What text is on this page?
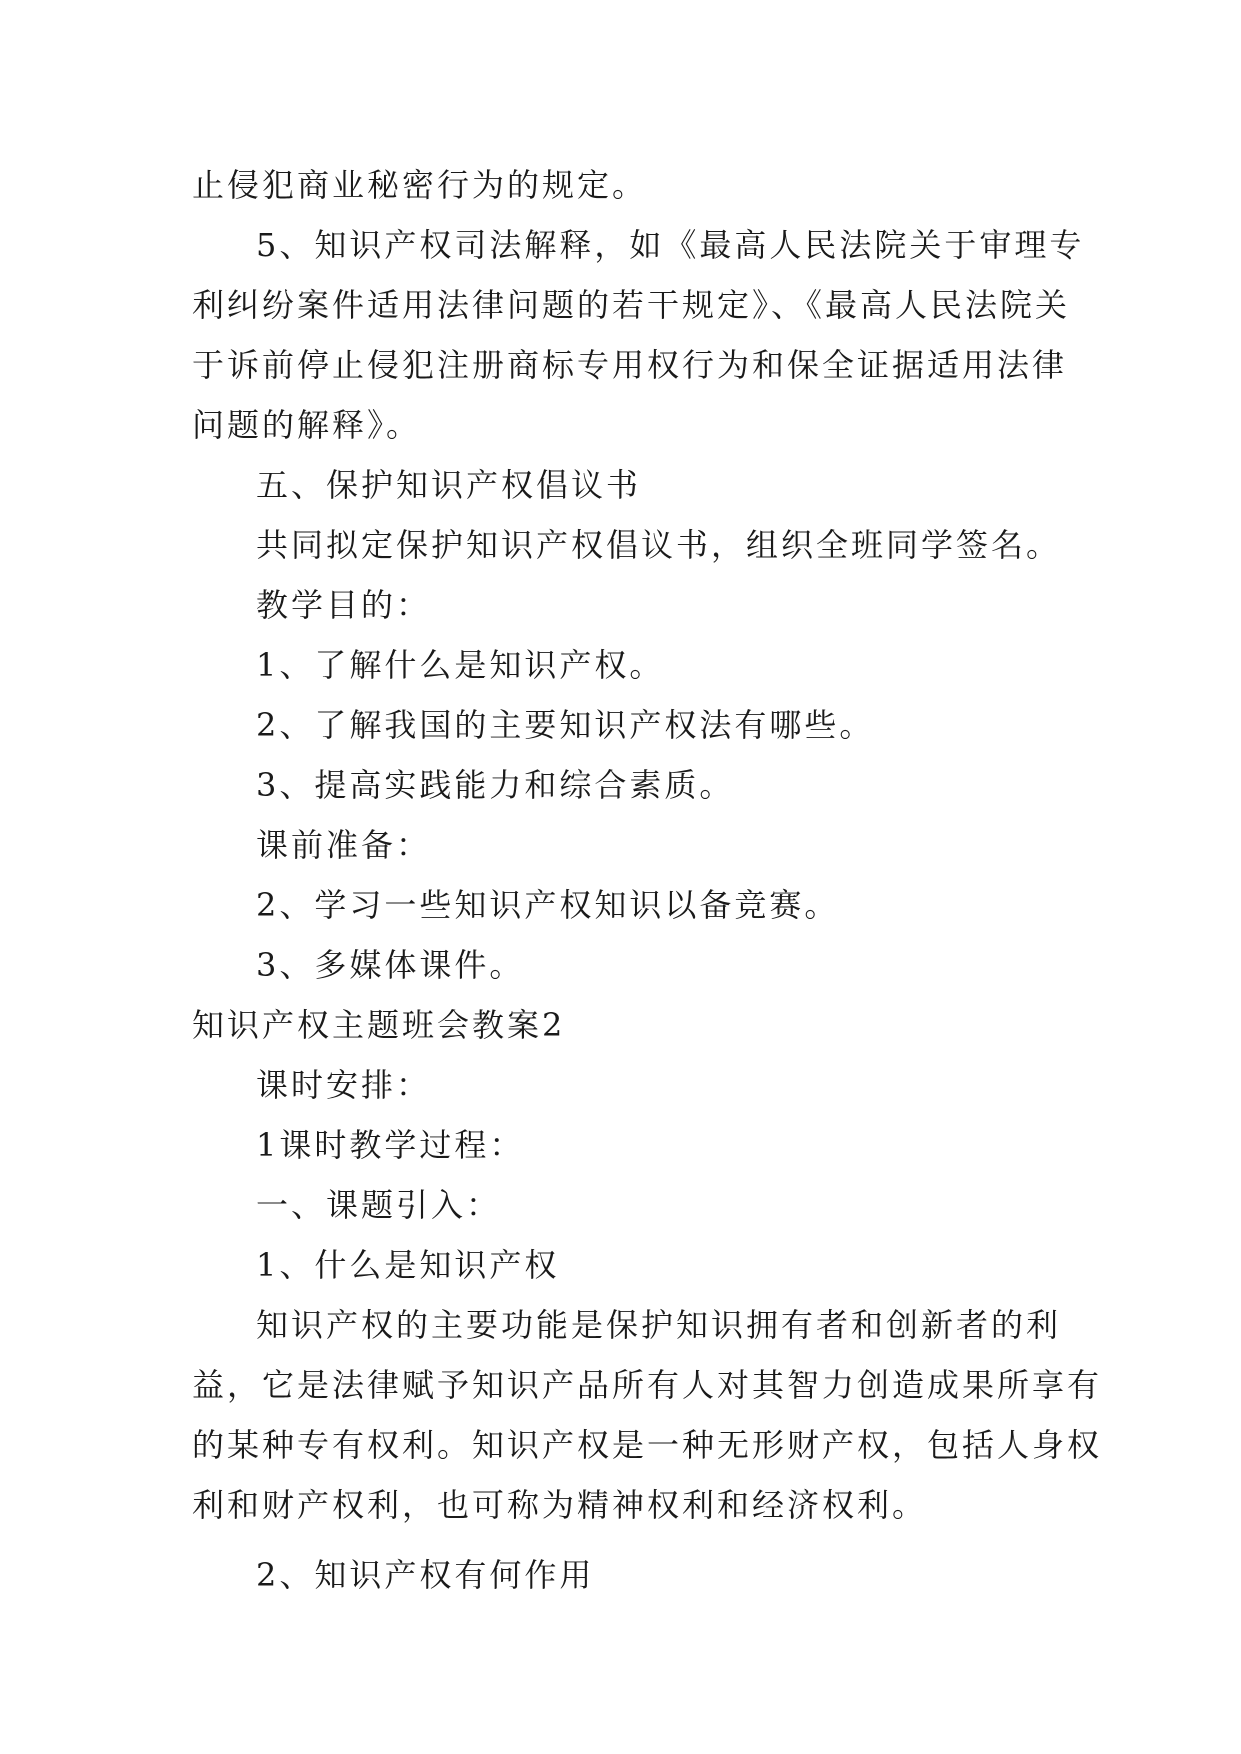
止侵犯商业秘密行为的规定。
5、知识产权司法解释，如《最高人民法院关于审理专
利纠纷案件适用法律问题的若干规定》、《最高人民法院关
于诉前停止侵犯注册商标专用权行为和保全证据适用法律
问题的解释》。
五、保护知识产权倡议书
共同拟定保护知识产权倡议书，组织全班同学签名。
教学目的：
1、了解什么是知识产权。
2、了解我国的主要知识产权法有哪些。
3、提高实践能力和综合素质。
课前准备：
2、学习一些知识产权知识以备竞赛。
3、多媒体课件。
知识产权主题班会教案2
课时安排：
1课时教学过程：
一、课题引入：
1、什么是知识产权
知识产权的主要功能是保护知识拥有者和创新者的利
益，它是法律赋予知识产品所有人对其智力创造成果所享有
的某种专有权利。知识产权是一种无形财产权，包括人身权
利和财产权利，也可称为精神权利和经济权利。
2、知识产权有何作用
